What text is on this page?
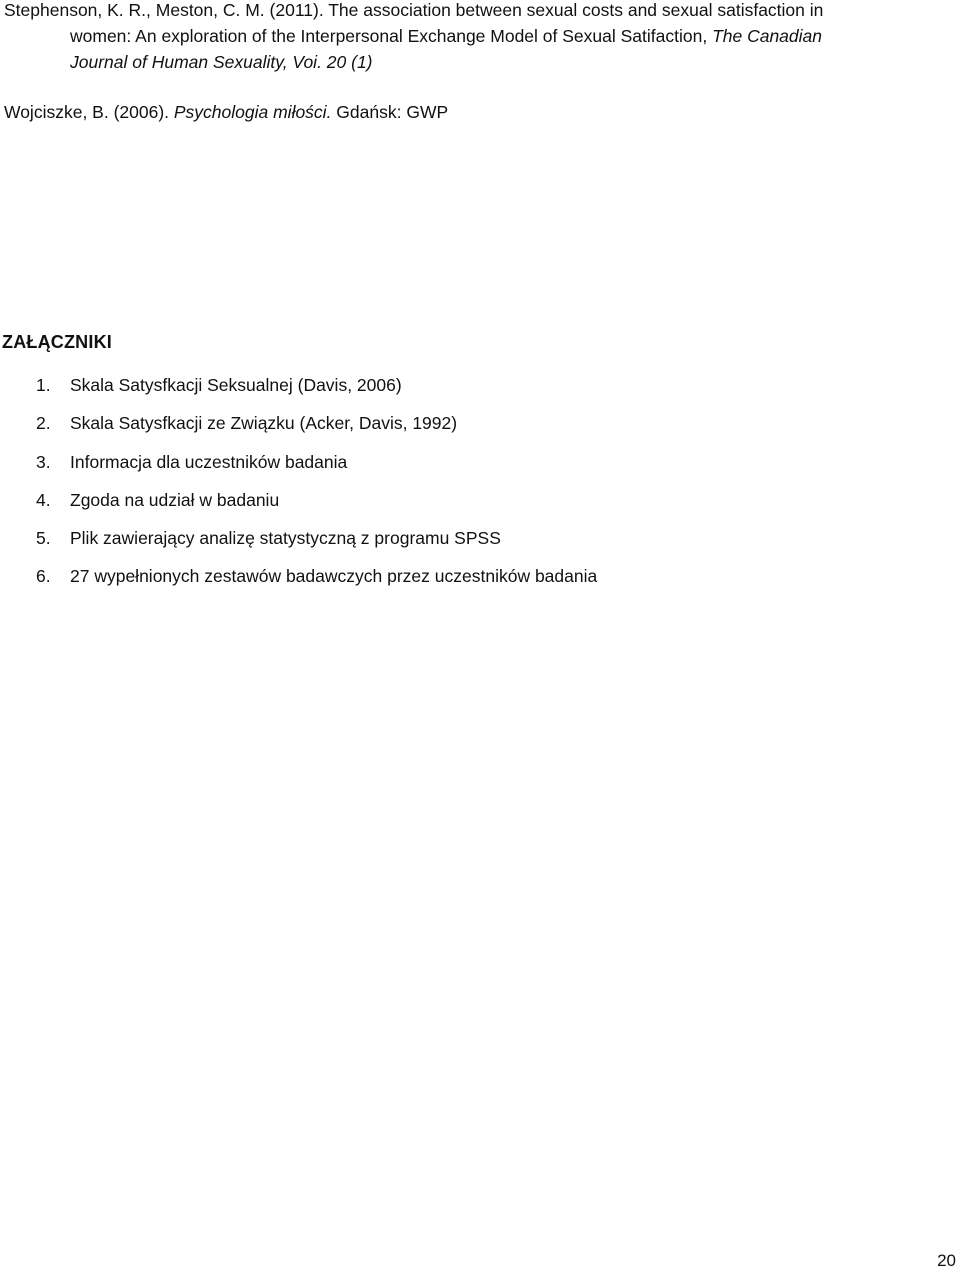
Stephenson, K. R., Meston, C. M. (2011). The association between sexual costs and sexual satisfaction in
women: An exploration of the Interpersonal Exchange Model of Sexual Satifaction, The Canadian
Journal of Human Sexuality, Voi. 20 (1)
Wojciszke, B. (2006). Psychologia miłości. Gdańsk: GWP
ZAŁĄCZNIKI
1.	Skala Satysfkacji Seksualnej (Davis, 2006)
2.	Skala Satysfkacji ze Związku (Acker, Davis, 1992)
3.	Informacja dla uczestników badania
4.	Zgoda na udział w badaniu
5.	Plik zawierający analizę statystyczną z programu SPSS
6.	27 wypełnionych zestawów badawczych przez uczestników badania
20
